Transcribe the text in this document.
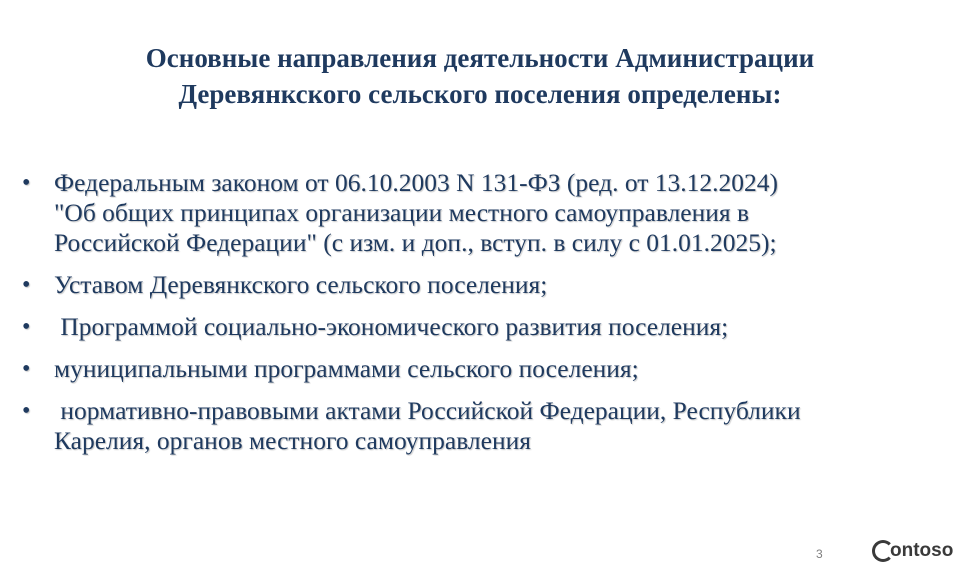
Основные направления деятельности Администрации
Деревянкского сельского поселения определены:
• Федеральным законом от 06.10.2003 N 131-ФЗ (ред. от 13.12.2024)
"Об общих принципах организации местного самоуправления в
Российской Федерации" (с изм. и доп., вступ. в силу с 01.01.2025);
• Уставом Деревянкского сельского поселения;
• Программой социально-экономического развития поселения;
• муниципальными программами сельского поселения;
• нормативно-правовыми актами Российской Федерации, Республики
Карелия, органов местного самоуправления
3	ontoso
